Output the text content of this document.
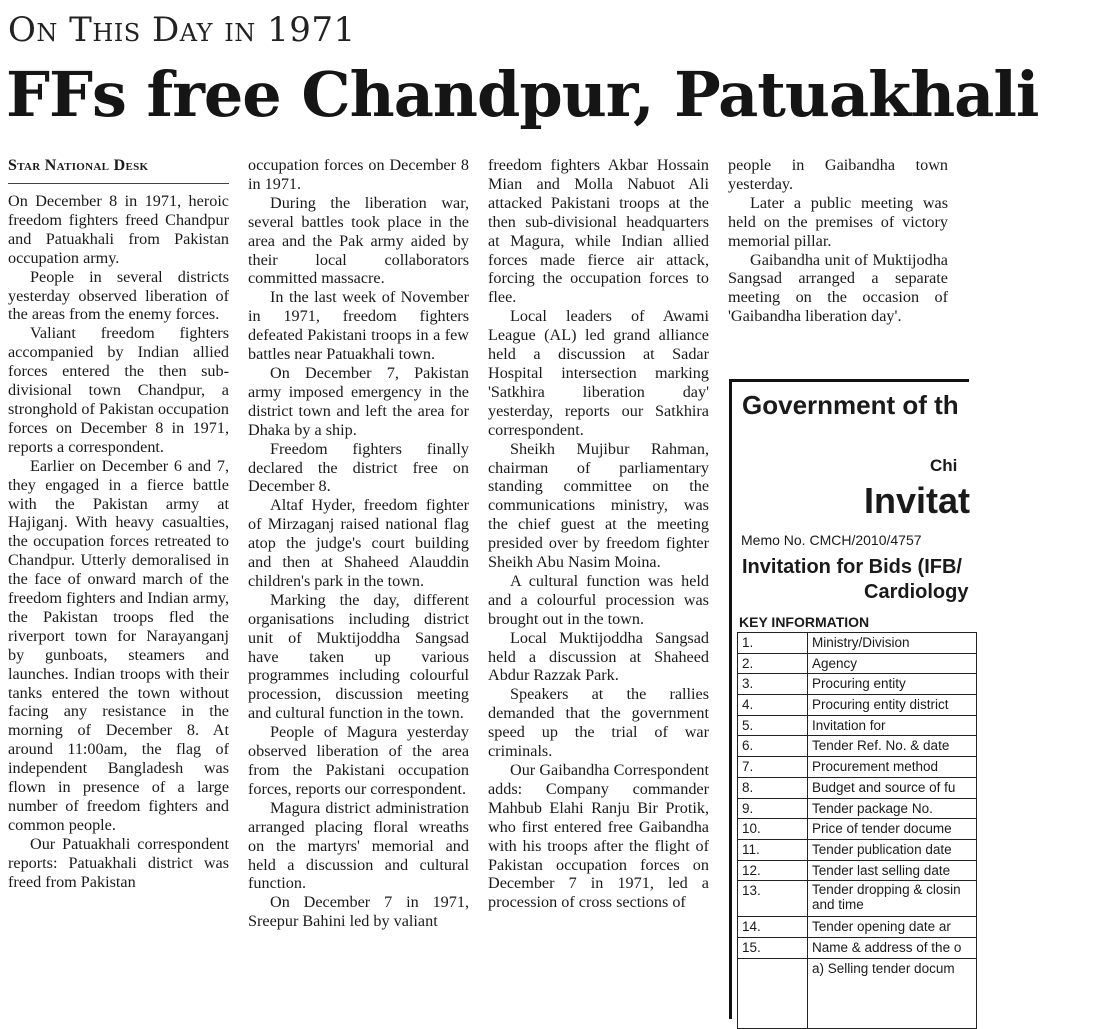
On This Day in 1971
FFs free Chandpur, Patuakhali
Star National Desk

On December 8 in 1971, heroic freedom fighters freed Chandpur and Patuakhali from Pakistan occupation army.

People in several districts yesterday observed liberation of the areas from the enemy forces.

Valiant freedom fighters accompanied by Indian allied forces entered the then sub-divisional town Chandpur, a stronghold of Pakistan occupation forces on December 8 in 1971, reports a correspondent.

Earlier on December 6 and 7, they engaged in a fierce battle with the Pakistan army at Hajiganj. With heavy casualties, the occupation forces retreated to Chandpur. Utterly demoralised in the face of onward march of the freedom fighters and Indian army, the Pakistan troops fled the riverport town for Narayanganj by gunboats, steamers and launches. Indian troops with their tanks entered the town without facing any resistance in the morning of December 8. At around 11:00am, the flag of independent Bangladesh was flown in presence of a large number of freedom fighters and common people.

Our Patuakhali correspondent reports: Patuakhali district was freed from Pakistan

occupation forces on December 8 in 1971.

During the liberation war, several battles took place in the area and the Pak army aided by their local collaborators committed massacre.

In the last week of November in 1971, freedom fighters defeated Pakistani troops in a few battles near Patuakhali town.

On December 7, Pakistan army imposed emergency in the district town and left the area for Dhaka by a ship.

Freedom fighters finally declared the district free on December 8.

Altaf Hyder, freedom fighter of Mirzaganj raised national flag atop the judge's court building and then at Shaheed Alauddin children's park in the town.

Marking the day, different organisations including district unit of Muktijoddha Sangsad have taken up various programmes including colourful procession, discussion meeting and cultural function in the town.

People of Magura yesterday observed liberation of the area from the Pakistani occupation forces, reports our correspondent.

Magura district administration arranged placing floral wreaths on the martyrs' memorial and held a discussion and cultural function.

On December 7 in 1971, Sreepur Bahini led by valiant

freedom fighters Akbar Hossain Mian and Molla Nabuot Ali attacked Pakistani troops at the then sub-divisional headquarters at Magura, while Indian allied forces made fierce air attack, forcing the occupation forces to flee.

Local leaders of Awami League (AL) led grand alliance held a discussion at Sadar Hospital intersection marking 'Satkhira liberation day' yesterday, reports our Satkhira correspondent.

Sheikh Mujibur Rahman, chairman of parliamentary standing committee on the communications ministry, was the chief guest at the meeting presided over by freedom fighter Sheikh Abu Nasim Moina.

A cultural function was held and a colourful procession was brought out in the town.

Local Muktijoddha Sangsad held a discussion at Shaheed Abdur Razzak Park.

Speakers at the rallies demanded that the government speed up the trial of war criminals.

Our Gaibandha Correspondent adds: Company commander Mahbub Elahi Ranju Bir Protik, who first entered free Gaibandha with his troops after the flight of Pakistan occupation forces on December 7 in 1971, led a procession of cross sections of

people in Gaibandha town yesterday.

Later a public meeting was held on the premises of victory memorial pillar.

Gaibandha unit of Muktijodha Sangsad arranged a separate meeting on the occasion of 'Gaibandha liberation day'.

Government of th
Chi
Invitat
Memo No. CMCH/2010/4757
Invitation for Bids (IFB/
Cardiology
KEY INFORMATION
1.	Ministry/Division
2.	Agency
3.	Procuring entity
4.	Procuring entity district
5.	Invitation for
6.	Tender Ref. No. & date
7.	Procurement method
8.	Budget and source of fu
9.	Tender package No.
10.	Price of tender docume
11.	Tender publication date
12.	Tender last selling date
13.	Tender dropping & closin and time
14.	Tender opening date ar
15.	Name & address of the o
	a) Selling tender docum
